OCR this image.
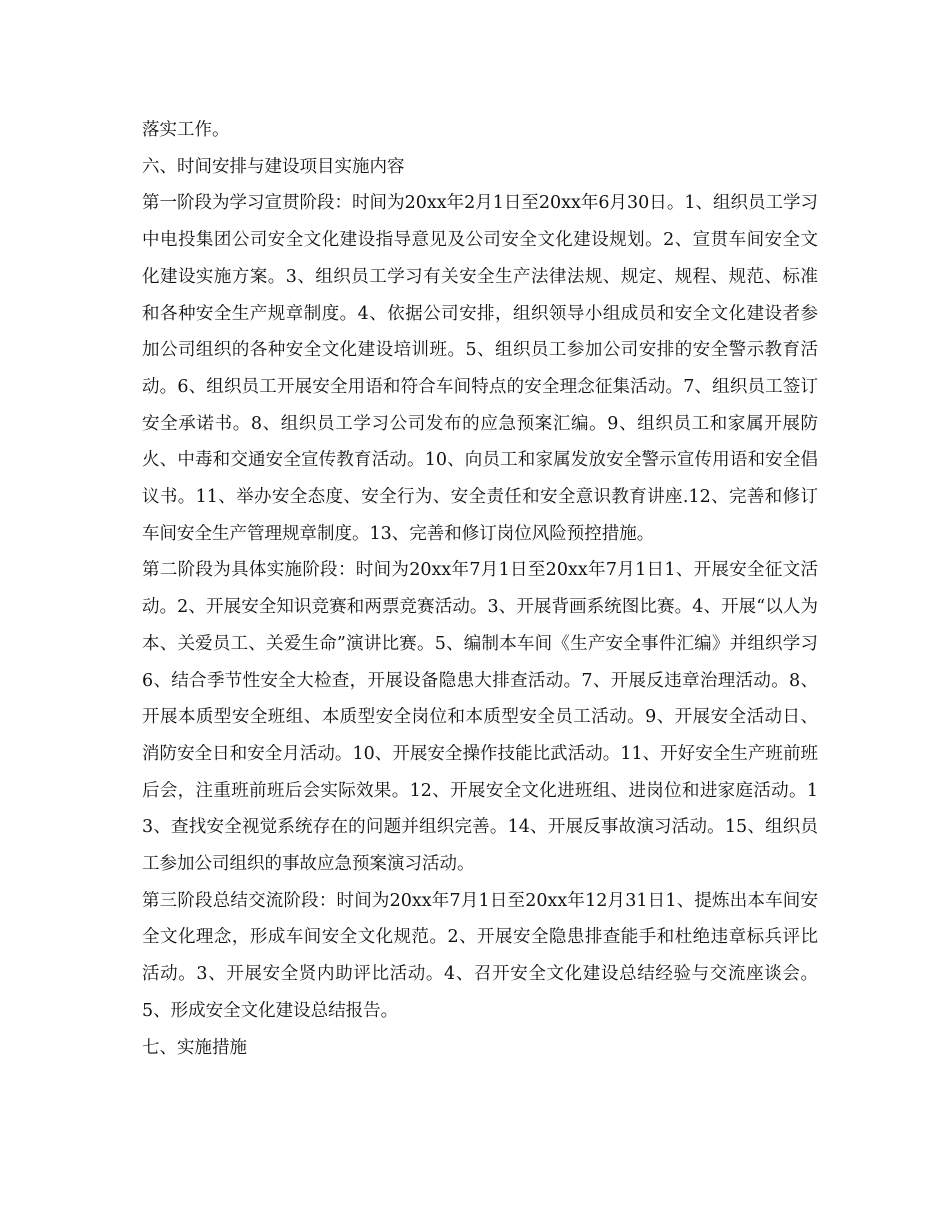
落实工作。

六、时间安排与建设项目实施内容

第一阶段为学习宣贯阶段：时间为20xx年2月1日至20xx年6月30日。1、组织员工学习中电投集团公司安全文化建设指导意见及公司安全文化建设规划。2、宣贯车间安全文化建设实施方案。3、组织员工学习有关安全生产法律法规、规定、规程、规范、标准和各种安全生产规章制度。4、依据公司安排，组织领导小组成员和安全文化建设者参加公司组织的各种安全文化建设培训班。5、组织员工参加公司安排的安全警示教育活动。6、组织员工开展安全用语和符合车间特点的安全理念征集活动。7、组织员工签订安全承诺书。8、组织员工学习公司发布的应急预案汇编。9、组织员工和家属开展防火、中毒和交通安全宣传教育活动。10、向员工和家属发放安全警示宣传用语和安全倡议书。11、举办安全态度、安全行为、安全责任和安全意识教育讲座.12、完善和修订车间安全生产管理规章制度。13、完善和修订岗位风险预控措施。

第二阶段为具体实施阶段：时间为20xx年7月1日至20xx年7月1日1、开展安全征文活动。2、开展安全知识竞赛和两票竞赛活动。3、开展背画系统图比赛。4、开展“以人为本、关爱员工、关爱生命”演讲比赛。5、编制本车间《生产安全事件汇编》并组织学习6、结合季节性安全大检查，开展设备隐患大排查活动。7、开展反违章治理活动。8、开展本质型安全班组、本质型安全岗位和本质型安全员工活动。9、开展安全活动日、消防安全日和安全月活动。10、开展安全操作技能比武活动。11、开好安全生产班前班后会，注重班前班后会实际效果。12、开展安全文化进班组、进岗位和进家庭活动。13、查找安全视觉系统存在的问题并组织完善。14、开展反事故演习活动。15、组织员工参加公司组织的事故应急预案演习活动。

第三阶段总结交流阶段：时间为20xx年7月1日至20xx年12月31日1、提炼出本车间安全文化理念，形成车间安全文化规范。2、开展安全隐患排查能手和杜绝违章标兵评比活动。3、开展安全贤内助评比活动。4、召开安全文化建设总结经验与交流座谈会。5、形成安全文化建设总结报告。

七、实施措施
